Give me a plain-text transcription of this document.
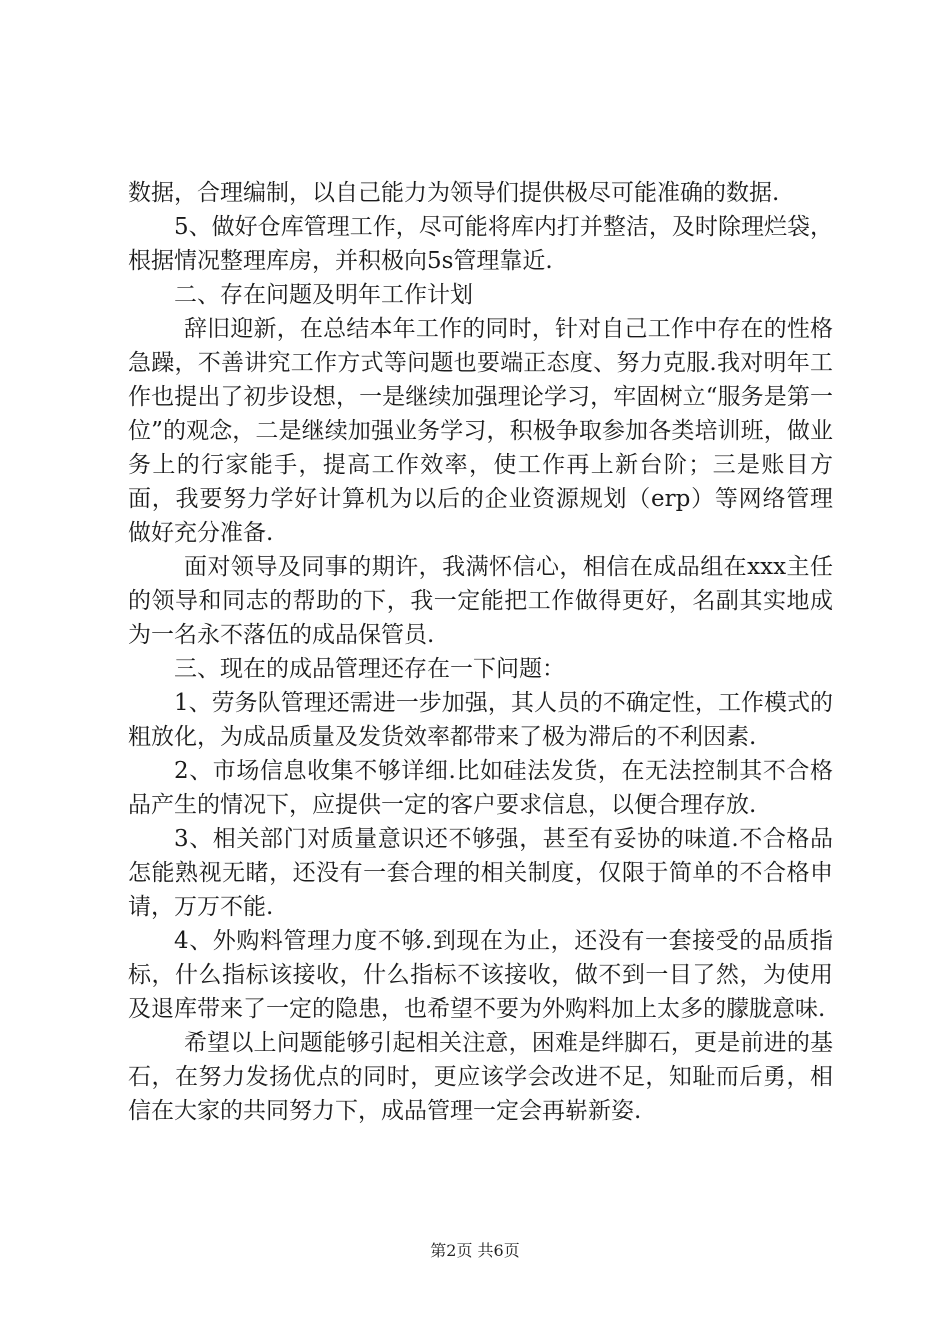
数据，合理编制，以自己能力为领导们提供极尽可能准确的数据.

5、做好仓库管理工作，尽可能将库内打并整洁，及时除理烂袋，根据情况整理库房，并积极向5s管理靠近.

二、存在问题及明年工作计划

辞旧迎新，在总结本年工作的同时，针对自己工作中存在的性格急躁，不善讲究工作方式等问题也要端正态度、努力克服.我对明年工作也提出了初步设想，一是继续加强理论学习，牢固树立“服务是第一位”的观念，二是继续加强业务学习，积极争取参加各类培训班，做业务上的行家能手，提高工作效率，使工作再上新台阶；三是账目方面，我要努力学好计算机为以后的企业资源规划（erp）等网络管理做好充分准备.

面对领导及同事的期许，我满怀信心，相信在成品组在xxx主任的领导和同志的帮助的下，我一定能把工作做得更好，名副其实地成为一名永不落伍的成品保管员.

三、现在的成品管理还存在一下问题：

1、劳务队管理还需进一步加强，其人员的不确定性，工作模式的粗放化，为成品质量及发货效率都带来了极为滞后的不利因素.

2、市场信息收集不够详细.比如硅法发货，在无法控制其不合格品产生的情况下，应提供一定的客户要求信息，以便合理存放.

3、相关部门对质量意识还不够强，甚至有妥协的味道.不合格品怎能熟视无睹，还没有一套合理的相关制度，仅限于简单的不合格申请，万万不能.

4、外购料管理力度不够.到现在为止，还没有一套接受的品质指标，什么指标该接收，什么指标不该接收，做不到一目了然，为使用及退库带来了一定的隐患，也希望不要为外购料加上太多的朦胧意味.

希望以上问题能够引起相关注意，困难是绊脚石，更是前进的基石，在努力发扬优点的同时，更应该学会改进不足，知耻而后勇，相信在大家的共同努力下，成品管理一定会再崭新姿.

第2页 共6页
